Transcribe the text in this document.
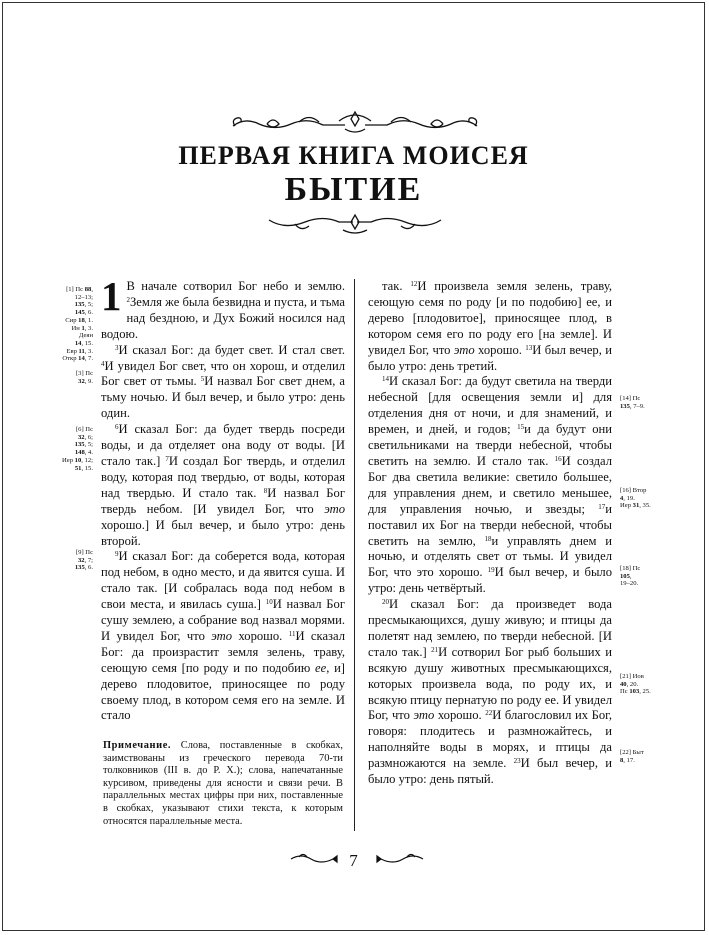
ПЕРВАЯ КНИГА МОИСЕЯ
БЫТИЕ
[1] Пс 88,
12–13;
135, 5;
145, 6.
Сир 18, 1.
Ин 1, 3.
Деян
14, 15.
Евр 11, 3.
Откр 14, 7.
[3] Пс
32, 9.
[6] Пс
32, 6;
135, 5;
148, 4.
Иер 10, 12;
51, 15.
[9] Пс
32, 7;
135, 6.
1 В начале сотворил Бог небо и землю. $^2$Земля же была безвидна и пуста, и тьма над бездною, и Дух Божий носился над водою.

$^3$И сказал Бог: да будет свет. И стал свет. $^4$И увидел Бог свет, что он хорош, и отделил Бог свет от тьмы. $^5$И назвал Бог свет днем, а тьму ночью. И был вечер, и было утро: день один.

$^6$И сказал Бог: да будет твердь посреди воды, и да отделяет она воду от воды. [И стало так.] $^7$И создал Бог твердь, и отделил воду, которая под твердью, от воды, которая над твердью. И стало так. $^8$И назвал Бог твердь небом. [И увидел Бог, что это хорошо.] И был вечер, и было утро: день второй.

$^9$И сказал Бог: да соберется вода, которая под небом, в одно место, и да явится суша. И стало так. [И собралась вода под небом в свои места, и явилась суша.] $^{10}$И назвал Бог сушу землею, а собрание вод назвал морями. И увидел Бог, что это хорошо. $^{11}$И сказал Бог: да произрастит земля зелень, траву, сеющую семя [по роду и по подобию ее, и] дерево плодовитое, приносящее по роду своему плод, в котором семя его на земле. И стало

Примечание. Слова, поставленные в скобках, заимствованы из греческого перевода 70-ти толковников (III в. до Р. Х.); слова, напечатанные курсивом, приведены для ясности и связи речи. В параллельных местах цифры при них, поставленные в скобках, указывают стихи текста, к которым относятся параллельные места.

так. $^{12}$И произвела земля зелень, траву, сеющую семя по роду [и по подобию] ее, и дерево [плодовитое], приносящее плод, в котором семя его по роду его [на земле]. И увидел Бог, что это хорошо. $^{13}$И был вечер, и было утро: день третий.

$^{14}$И сказал Бог: да будут светила на тверди небесной [для освещения земли и] для отделения дня от ночи, и для знамений, и времен, и дней, и годов; $^{15}$и да будут они светильниками на тверди небесной, чтобы светить на землю. И стало так. $^{16}$И создал Бог два светила великие: светило большее, для управления днем, и светило меньшее, для управления ночью, и звезды; $^{17}$и поставил их Бог на тверди небесной, чтобы светить на землю, $^{18}$и управлять днем и ночью, и отделять свет от тьмы. И увидел Бог, что это хорошо. $^{19}$И был вечер, и было утро: день четвёртый.

$^{20}$И сказал Бог: да произведет вода пресмыкающихся, душу живую; и птицы да полетят над землею, по тверди небесной. [И стало так.] $^{21}$И сотворил Бог рыб больших и всякую душу животных пресмыкающихся, которых произвела вода, по роду их, и всякую птицу пернатую по роду ее. И увидел Бог, что это хорошо. $^{22}$И благословил их Бог, говоря: плодитесь и размножайтесь, и наполняйте воды в морях, и птицы да размножаются на земле. $^{23}$И был вечер, и было утро: день пятый.

[14] Пс
135, 7–9.
[16] Втор
4, 19.
Иер 31, 35.
[18] Пс
105,
19–20.
[21] Иов
40, 20.
Пс 103, 25.
[22] Быт
8, 17.
7
